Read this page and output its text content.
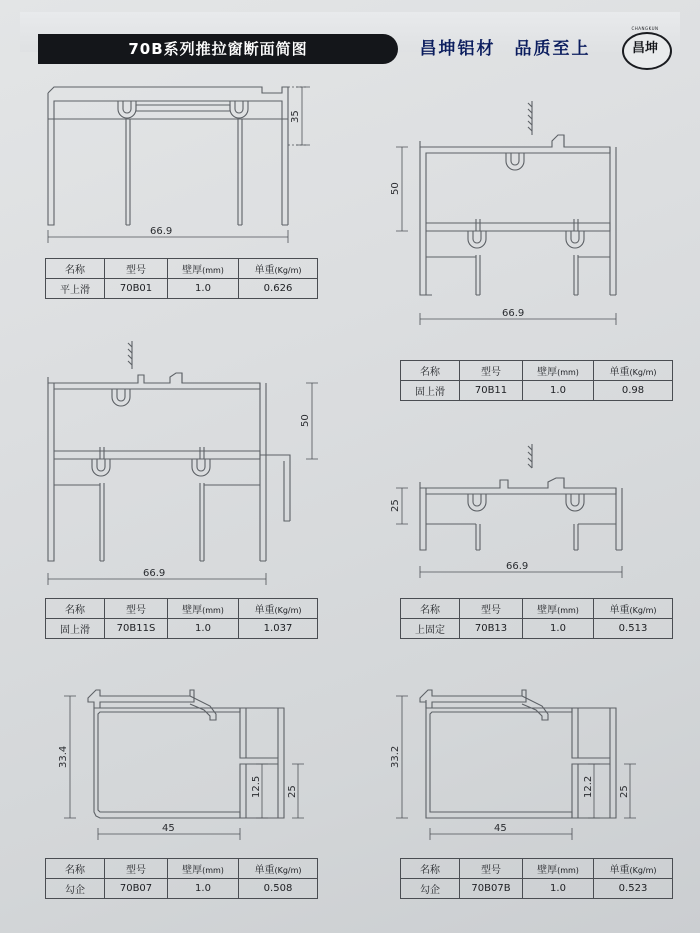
70B系列推拉窗断面简图	昌坤铝材　品质至上
CHANGKUN
昌坤
66.9
35
名称	型号	壁厚(mm)	单重(Kg/m)
平上滑	70B01	1.0	0.626
50
66.9
名称	型号	壁厚(mm)	单重(Kg/m)
固上滑	70B11	1.0	0.98
50
66.9
名称	型号	壁厚(mm)	单重(Kg/m)
固上滑	70B11S	1.0	1.037
25
66.9
名称	型号	壁厚(mm)	单重(Kg/m)
上固定	70B13	1.0	0.513
33.4
12.5	25
45
名称	型号	壁厚(mm)	单重(Kg/m)
勾企	70B07	1.0	0.508
33.2
12.2	25
45
名称	型号	壁厚(mm)	单重(Kg/m)
勾企	70B07B	1.0	0.523
